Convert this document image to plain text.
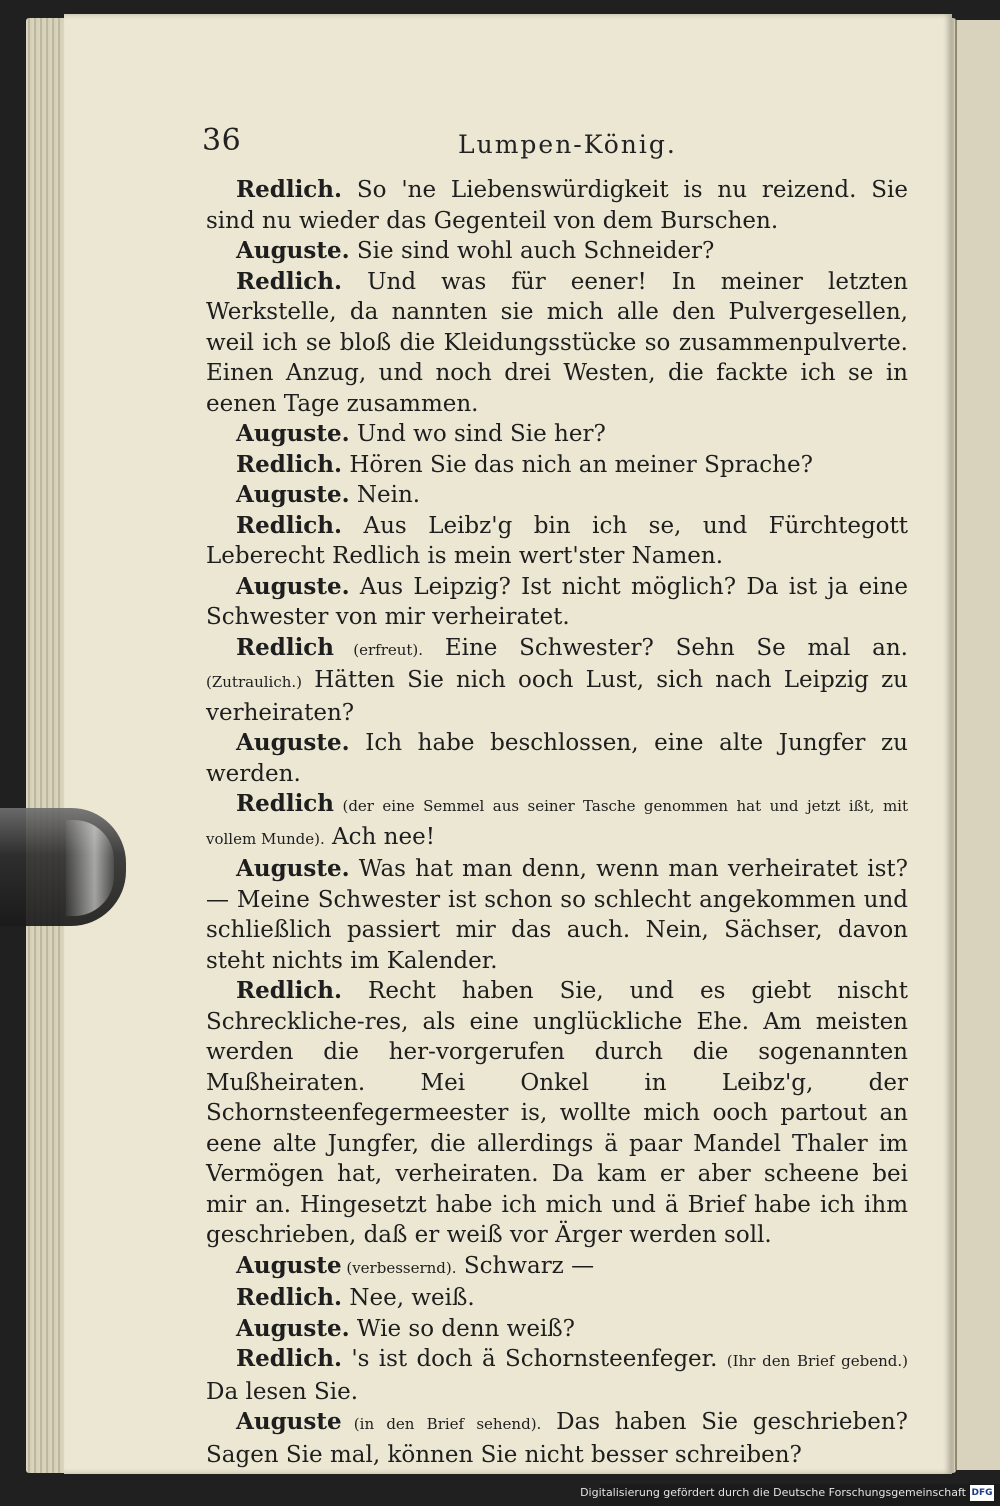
36	Lumpen-König.

Redlich. So 'ne Liebenswürdigkeit is nu reizend. Sie sind nu wieder das Gegenteil von dem Burschen.

Auguste. Sie sind wohl auch Schneider?

Redlich. Und was für eener! In meiner letzten Werkstelle, da nannten sie mich alle den Pulvergesellen, weil ich se bloß die Kleidungsstücke so zusammenpulverte. Einen Anzug, und noch drei Westen, die fackte ich se in eenen Tage zusammen.

Auguste. Und wo sind Sie her?

Redlich. Hören Sie das nich an meiner Sprache?

Auguste. Nein.

Redlich. Aus Leibz'g bin ich se, und Fürchtegott Leberecht Redlich is mein wert'ster Namen.

Auguste. Aus Leipzig? Ist nicht möglich? Da ist ja eine Schwester von mir verheiratet.

Redlich (erfreut). Eine Schwester? Sehn Se mal an. (Zutraulich.) Hätten Sie nich ooch Lust, sich nach Leipzig zu verheiraten?

Auguste. Ich habe beschlossen, eine alte Jungfer zu werden.

Redlich (der eine Semmel aus seiner Tasche genommen hat und jetzt ißt, mit vollem Munde). Ach nee!

Auguste. Was hat man denn, wenn man verheiratet ist? — Meine Schwester ist schon so schlecht angekommen und schließlich passiert mir das auch. Nein, Sächser, davon steht nichts im Kalender.

Redlich. Recht haben Sie, und es giebt nischt Schreckliche-res, als eine unglückliche Ehe. Am meisten werden die her-vorgerufen durch die sogenannten Mußheiraten. Mei Onkel in Leibz'g, der Schornsteenfegermeester is, wollte mich ooch partout an eene alte Jungfer, die allerdings ä paar Mandel Thaler im Vermögen hat, verheiraten. Da kam er aber scheene bei mir an. Hingesetzt habe ich mich und ä Brief habe ich ihm geschrieben, daß er weiß vor Ärger werden soll.

Auguste (verbessernd). Schwarz —

Redlich. Nee, weiß.

Auguste. Wie so denn weiß?

Redlich. 's ist doch ä Schornsteenfeger. (Ihr den Brief gebend.) Da lesen Sie.

Auguste (in den Brief sehend). Das haben Sie geschrieben? Sagen Sie mal, können Sie nicht besser schreiben?

Digitalisierung gefördert durch die Deutsche Forschungsgemeinschaft DFG
